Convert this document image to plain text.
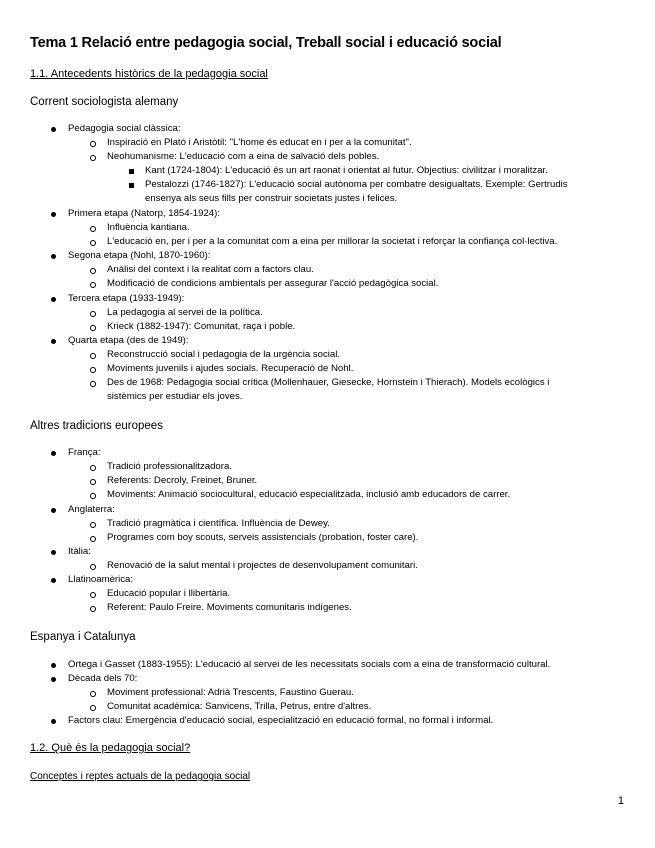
Tema 1 Relació entre pedagogia social, Treball social i educació social
1.1. Antecedents històrics de la pedagogia social
Corrent sociologista alemany
Pedagogia social clàssica:
Inspiració en Plató i Aristòtil: "L'home és educat en i per a la comunitat".
Neohumanisme: L'educació com a eina de salvació dels pobles.
Kant (1724-1804): L'educació és un art raonat i orientat al futur. Objectius: civilitzar i moralitzar.
Pestalozzi (1746-1827): L'educació social autònoma per combatre desigualtats. Exemple: Gertrudis
ensenya als seus fills per construir societats justes i felices.
Primera etapa (Natorp, 1854-1924):
Influència kantiana.
L'educació en, per i per a la comunitat com a eina per millorar la societat i reforçar la confiança col·lectiva.
Segona etapa (Nohl, 1870-1960):
Anàlisi del context i la realitat com a factors clau.
Modificació de condicions ambientals per assegurar l'acció pedagògica social.
Tercera etapa (1933-1949):
La pedagogia al servei de la política.
Krieck (1882-1947): Comunitat, raça i poble.
Quarta etapa (des de 1949):
Reconstrucció social i pedagogia de la urgència social.
Moviments juvenils i ajudes socials. Recuperació de Nohl.
Des de 1968: Pedagogia social crítica (Mollenhauer, Giesecke, Hornstein i Thierach). Models ecològics i
sistèmics per estudiar els joves.
Altres tradicions europees
França:
Tradició professionalitzadora.
Referents: Decroly, Freinet, Bruner.
Moviments: Animació sociocultural, educació especialitzada, inclusió amb educadors de carrer.
Anglaterra:
Tradició pragmàtica i científica. Influència de Dewey.
Programes com boy scouts, serveis assistencials (probation, foster care).
Itàlia:
Renovació de la salut mental i projectes de desenvolupament comunitari.
Llatinoamèrica:
Educació popular i llibertària.
Referent: Paulo Freire. Moviments comunitaris indígenes.
Espanya i Catalunya
Ortega i Gasset (1883-1955): L'educació al servei de les necessitats socials com a eina de transformació cultural.
Dècada dels 70:
Moviment professional: Adrià Trescents, Faustino Guerau.
Comunitat acadèmica: Sanvicens, Trilla, Petrus, entre d'altres.
Factors clau: Emergència d'educació social, especialització en educació formal, no formal i informal.
1.2. Què és la pedagogia social?
Conceptes i reptes actuals de la pedagogia social
1
